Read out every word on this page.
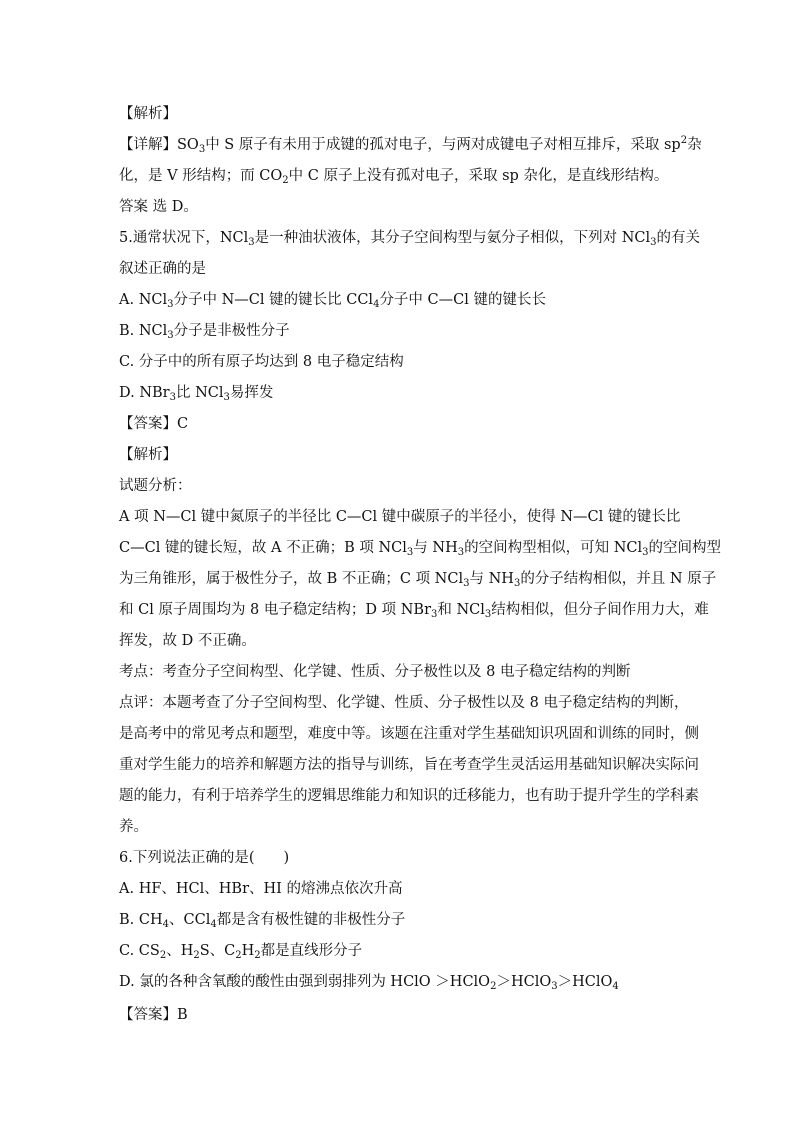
【解析】
【详解】$SO_3$中 S 原子有未用于成键的孤对电子，与两对成键电子对相互排斥，采取 $sp^2$杂
化，是 V 形结构；而 $CO_2$中 C 原子上没有孤对电子，采取 sp 杂化，是直线形结构。
答案 选 D。
5.通常状况下，NCl$_3$是一种油状液体，其分子空间构型与氨分子相似，下列对 NCl$_3$的有关
叙述正确的是
A. NCl$_3$分子中 N—Cl 键的键长比 CCl$_4$分子中 C—Cl 键的键长长
B. NCl$_3$分子是非极性分子
C. 分子中的所有原子均达到 8 电子稳定结构
D. NBr$_3$比 NCl$_3$易挥发
【答案】C
【解析】
试题分析：
A 项 N—Cl 键中氮原子的半径比 C—Cl 键中碳原子的半径小，使得 N—Cl 键的键长比
C—Cl 键的键长短，故 A 不正确；B 项 NCl$_3$与 $NH_3$的空间构型相似，可知 NCl$_3$的空间构型
为三角锥形，属于极性分子，故 B 不正确；C 项 NCl$_3$与 $NH_3$的分子结构相似，并且 N 原子
和 Cl 原子周围均为 8 电子稳定结构；D 项 NBr$_3$和 NCl$_3$结构相似，但分子间作用力大，难
挥发，故 D 不正确。
考点：考查分子空间构型、化学键、性质、分子极性以及 8 电子稳定结构的判断
点评：本题考查了分子空间构型、化学键、性质、分子极性以及 8 电子稳定结构的判断，
是高考中的常见考点和题型，难度中等。该题在注重对学生基础知识巩固和训练的同时，侧
重对学生能力的培养和解题方法的指导与训练，旨在考查学生灵活运用基础知识解决实际问
题的能力，有利于培养学生的逻辑思维能力和知识的迁移能力，也有助于提升学生的学科素
养。
6.下列说法正确的是(　　)
A. HF、HCl、HBr、HI 的熔沸点依次升高
B. $CH_4$、CCl$_4$都是含有极性键的非极性分子
C. $CS_2$、$H_2S$、$C_2H_2$都是直线形分子
D. 氯的各种含氧酸的酸性由强到弱排列为 HClO ＞HClO$_2$＞HClO$_3$＞HClO$_4$
【答案】B
